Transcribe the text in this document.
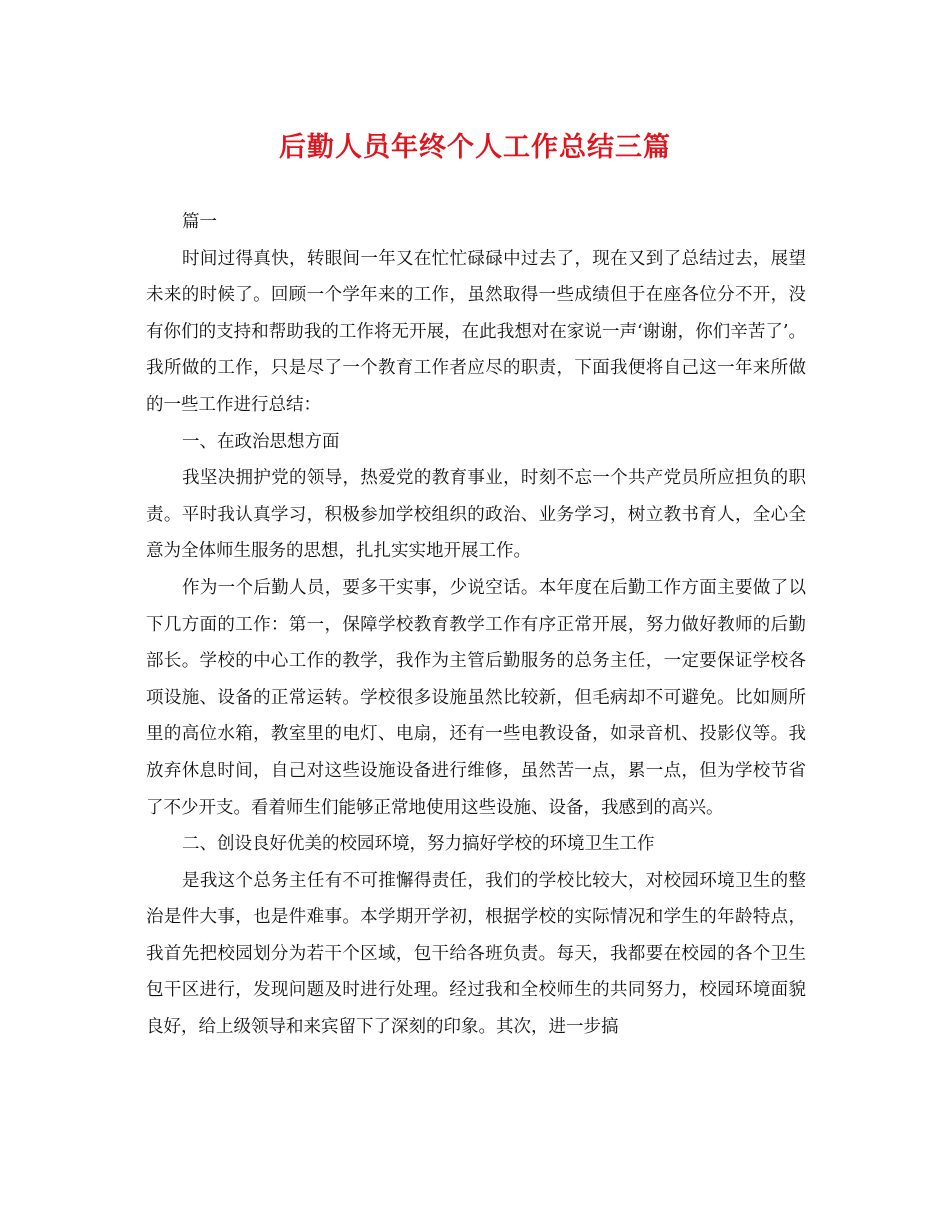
后勤人员年终个人工作总结三篇

篇一

时间过得真快，转眼间一年又在忙忙碌碌中过去了，现在又到了总结过去，展望未来的时候了。回顾一个学年来的工作，虽然取得一些成绩但于在座各位分不开，没有你们的支持和帮助我的工作将无开展，在此我想对在家说一声‘谢谢，你们辛苦了’。我所做的工作，只是尽了一个教育工作者应尽的职责，下面我便将自己这一年来所做的一些工作进行总结：

一、在政治思想方面

我坚决拥护党的领导，热爱党的教育事业，时刻不忘一个共产党员所应担负的职责。平时我认真学习，积极参加学校组织的政治、业务学习，树立教书育人，全心全意为全体师生服务的思想，扎扎实实地开展工作。

作为一个后勤人员，要多干实事，少说空话。本年度在后勤工作方面主要做了以下几方面的工作：第一，保障学校教育教学工作有序正常开展，努力做好教师的后勤部长。学校的中心工作的教学，我作为主管后勤服务的总务主任，一定要保证学校各项设施、设备的正常运转。学校很多设施虽然比较新，但毛病却不可避免。比如厕所里的高位水箱，教室里的电灯、电扇，还有一些电教设备，如录音机、投影仪等。我放弃休息时间，自己对这些设施设备进行维修，虽然苦一点，累一点，但为学校节省了不少开支。看着师生们能够正常地使用这些设施、设备，我感到的高兴。

二、创设良好优美的校园环境，努力搞好学校的环境卫生工作

是我这个总务主任有不可推懈得责任，我们的学校比较大，对校园环境卫生的整治是件大事，也是件难事。本学期开学初，根据学校的实际情况和学生的年龄特点，我首先把校园划分为若干个区域，包干给各班负责。每天，我都要在校园的各个卫生包干区进行，发现问题及时进行处理。经过我和全校师生的共同努力，校园环境面貌良好，给上级领导和来宾留下了深刻的印象。其次，进一步搞
